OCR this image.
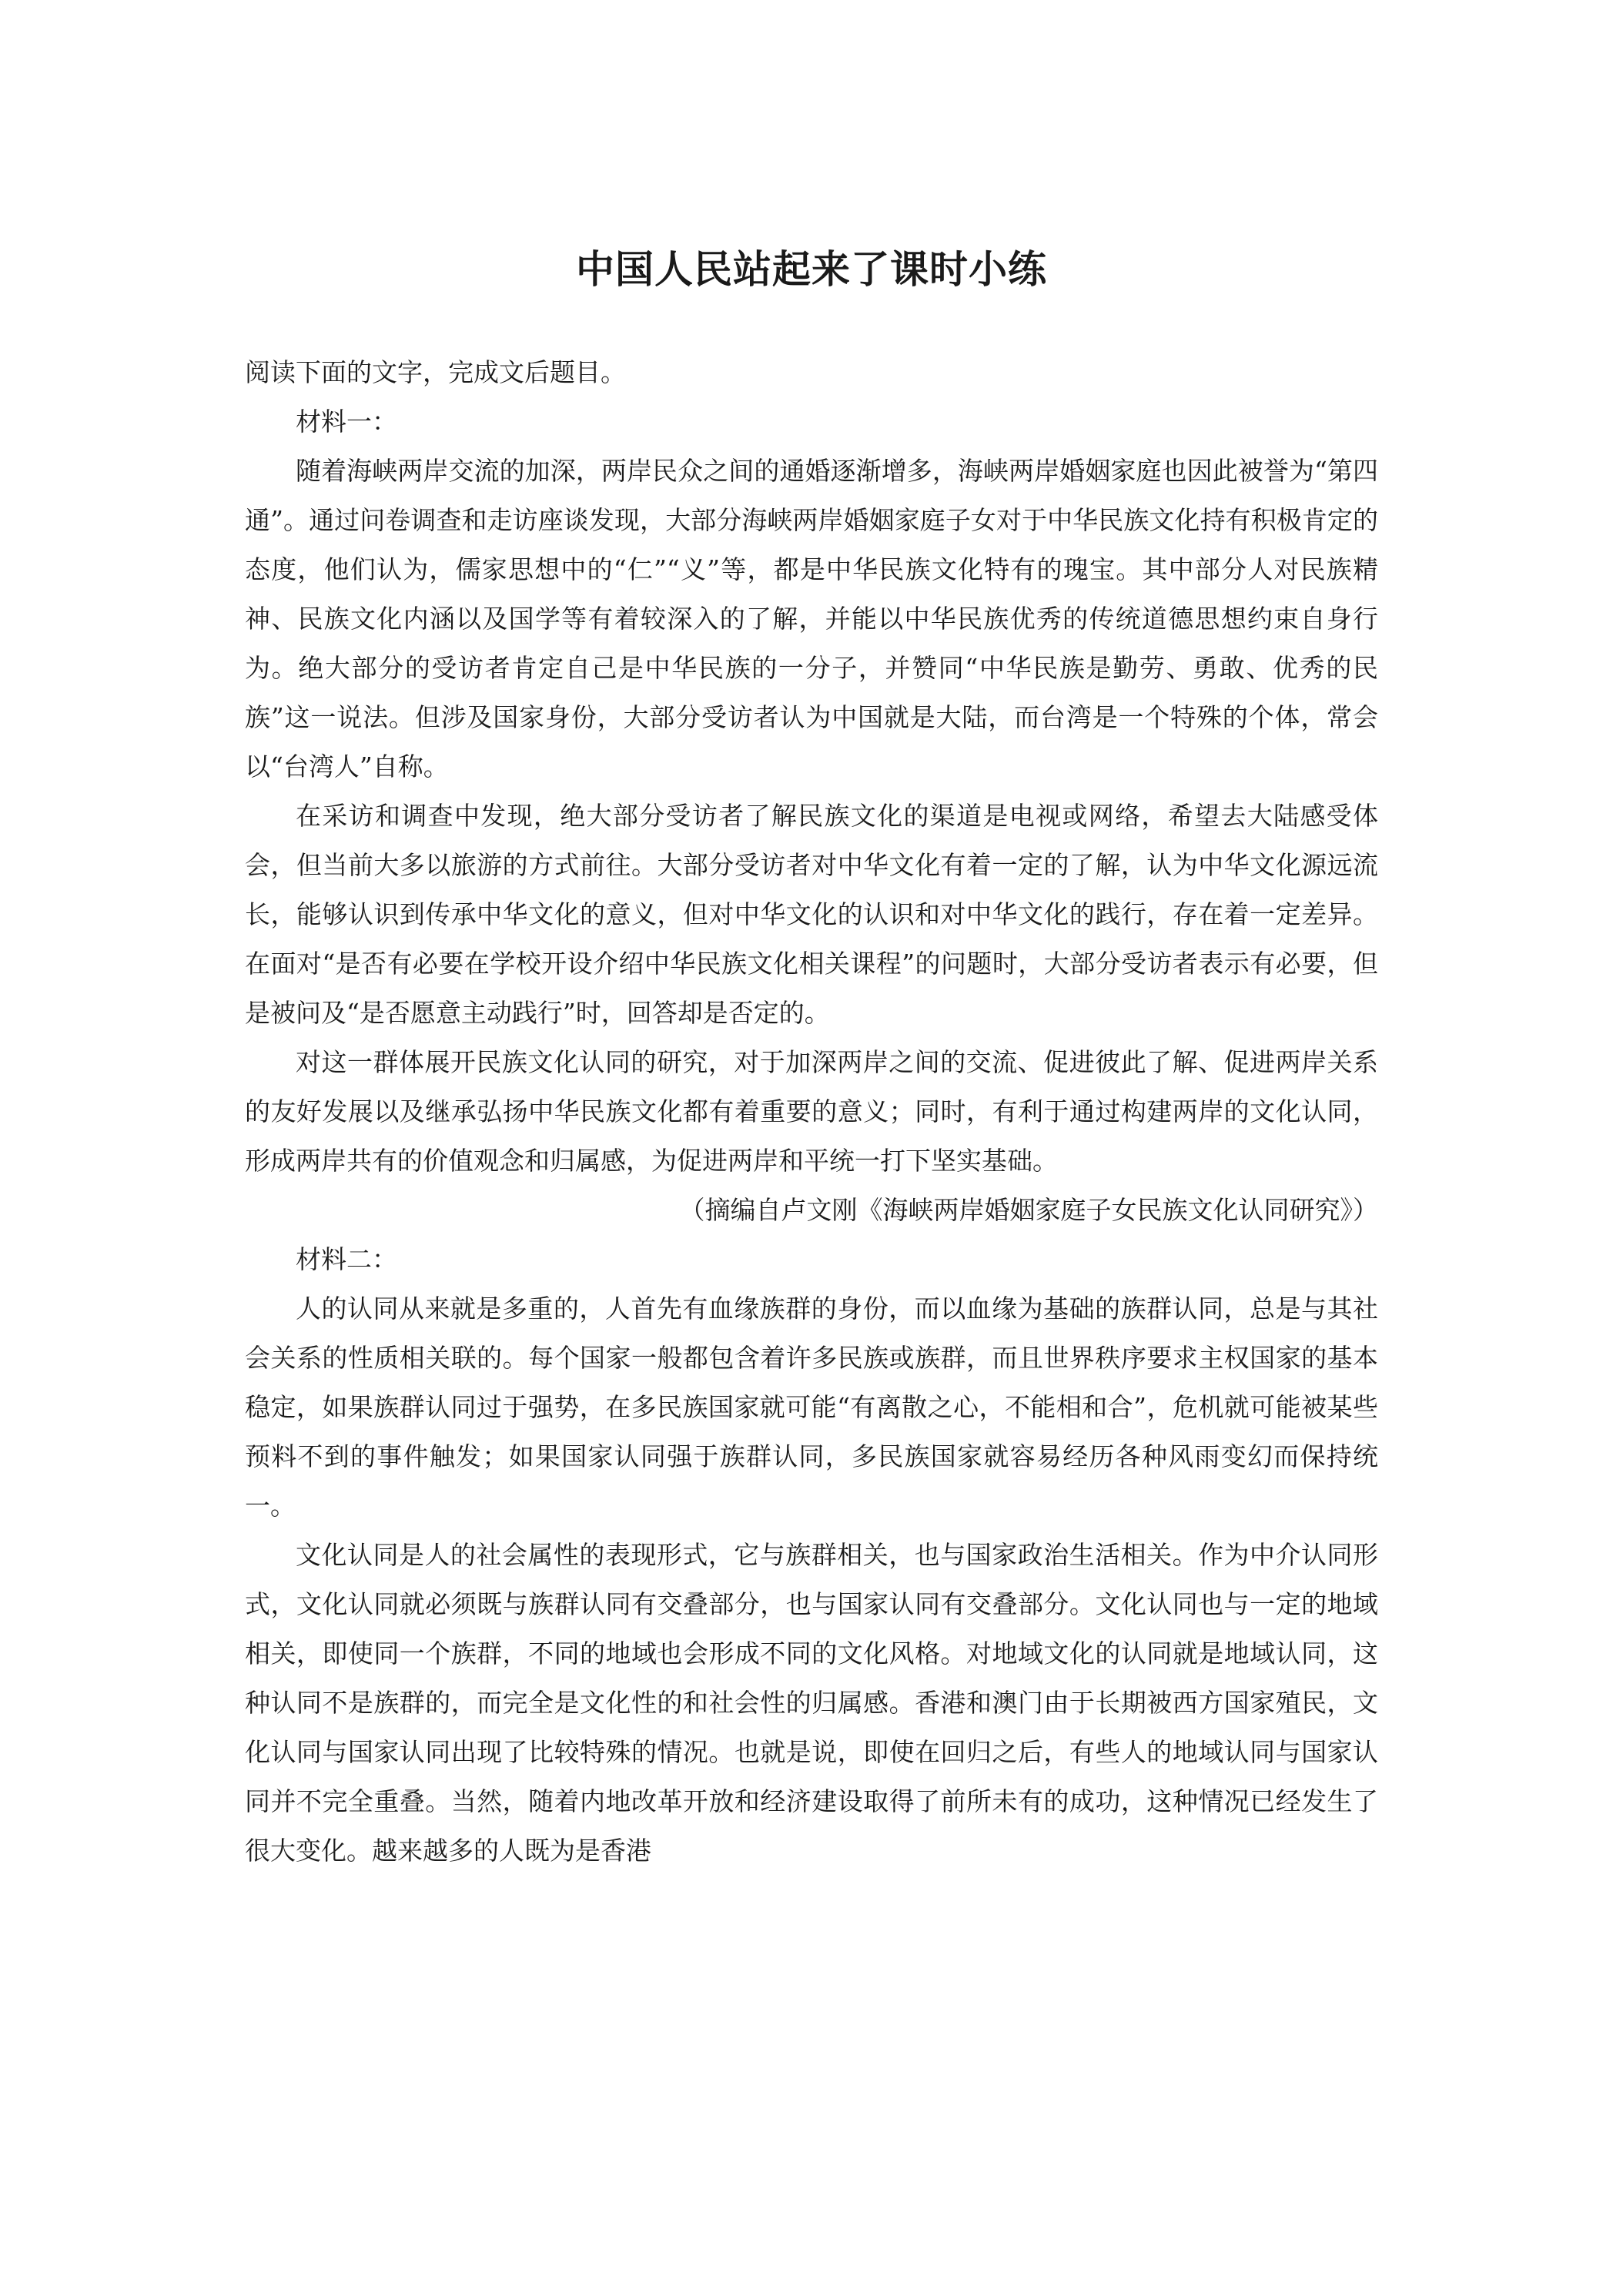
中国人民站起来了课时小练

阅读下面的文字，完成文后题目。

材料一：

随着海峡两岸交流的加深，两岸民众之间的通婚逐渐增多，海峡两岸婚姻家庭也因此被誉为“第四通”。通过问卷调查和走访座谈发现，大部分海峡两岸婚姻家庭子女对于中华民族文化持有积极肯定的态度，他们认为，儒家思想中的“仁”“义”等，都是中华民族文化特有的瑰宝。其中部分人对民族精神、民族文化内涵以及国学等有着较深入的了解，并能以中华民族优秀的传统道德思想约束自身行为。绝大部分的受访者肯定自己是中华民族的一分子，并赞同“中华民族是勤劳、勇敢、优秀的民族”这一说法。但涉及国家身份，大部分受访者认为中国就是大陆，而台湾是一个特殊的个体，常会以“台湾人”自称。

在采访和调查中发现，绝大部分受访者了解民族文化的渠道是电视或网络，希望去大陆感受体会，但当前大多以旅游的方式前往。大部分受访者对中华文化有着一定的了解，认为中华文化源远流长，能够认识到传承中华文化的意义，但对中华文化的认识和对中华文化的践行，存在着一定差异。在面对“是否有必要在学校开设介绍中华民族文化相关课程”的问题时，大部分受访者表示有必要，但是被问及“是否愿意主动践行”时，回答却是否定的。

对这一群体展开民族文化认同的研究，对于加深两岸之间的交流、促进彼此了解、促进两岸关系的友好发展以及继承弘扬中华民族文化都有着重要的意义；同时，有利于通过构建两岸的文化认同，形成两岸共有的价值观念和归属感，为促进两岸和平统一打下坚实基础。

（摘编自卢文刚《海峡两岸婚姻家庭子女民族文化认同研究》）

材料二：

人的认同从来就是多重的，人首先有血缘族群的身份，而以血缘为基础的族群认同，总是与其社会关系的性质相关联的。每个国家一般都包含着许多民族或族群，而且世界秩序要求主权国家的基本稳定，如果族群认同过于强势，在多民族国家就可能“有离散之心，不能相和合”，危机就可能被某些预料不到的事件触发；如果国家认同强于族群认同，多民族国家就容易经历各种风雨变幻而保持统一。

文化认同是人的社会属性的表现形式，它与族群相关，也与国家政治生活相关。作为中介认同形式，文化认同就必须既与族群认同有交叠部分，也与国家认同有交叠部分。文化认同也与一定的地域相关，即使同一个族群，不同的地域也会形成不同的文化风格。对地域文化的认同就是地域认同，这种认同不是族群的，而完全是文化性的和社会性的归属感。香港和澳门由于长期被西方国家殖民，文化认同与国家认同出现了比较特殊的情况。也就是说，即使在回归之后，有些人的地域认同与国家认同并不完全重叠。当然，随着内地改革开放和经济建设取得了前所未有的成功，这种情况已经发生了很大变化。越来越多的人既为是香港
